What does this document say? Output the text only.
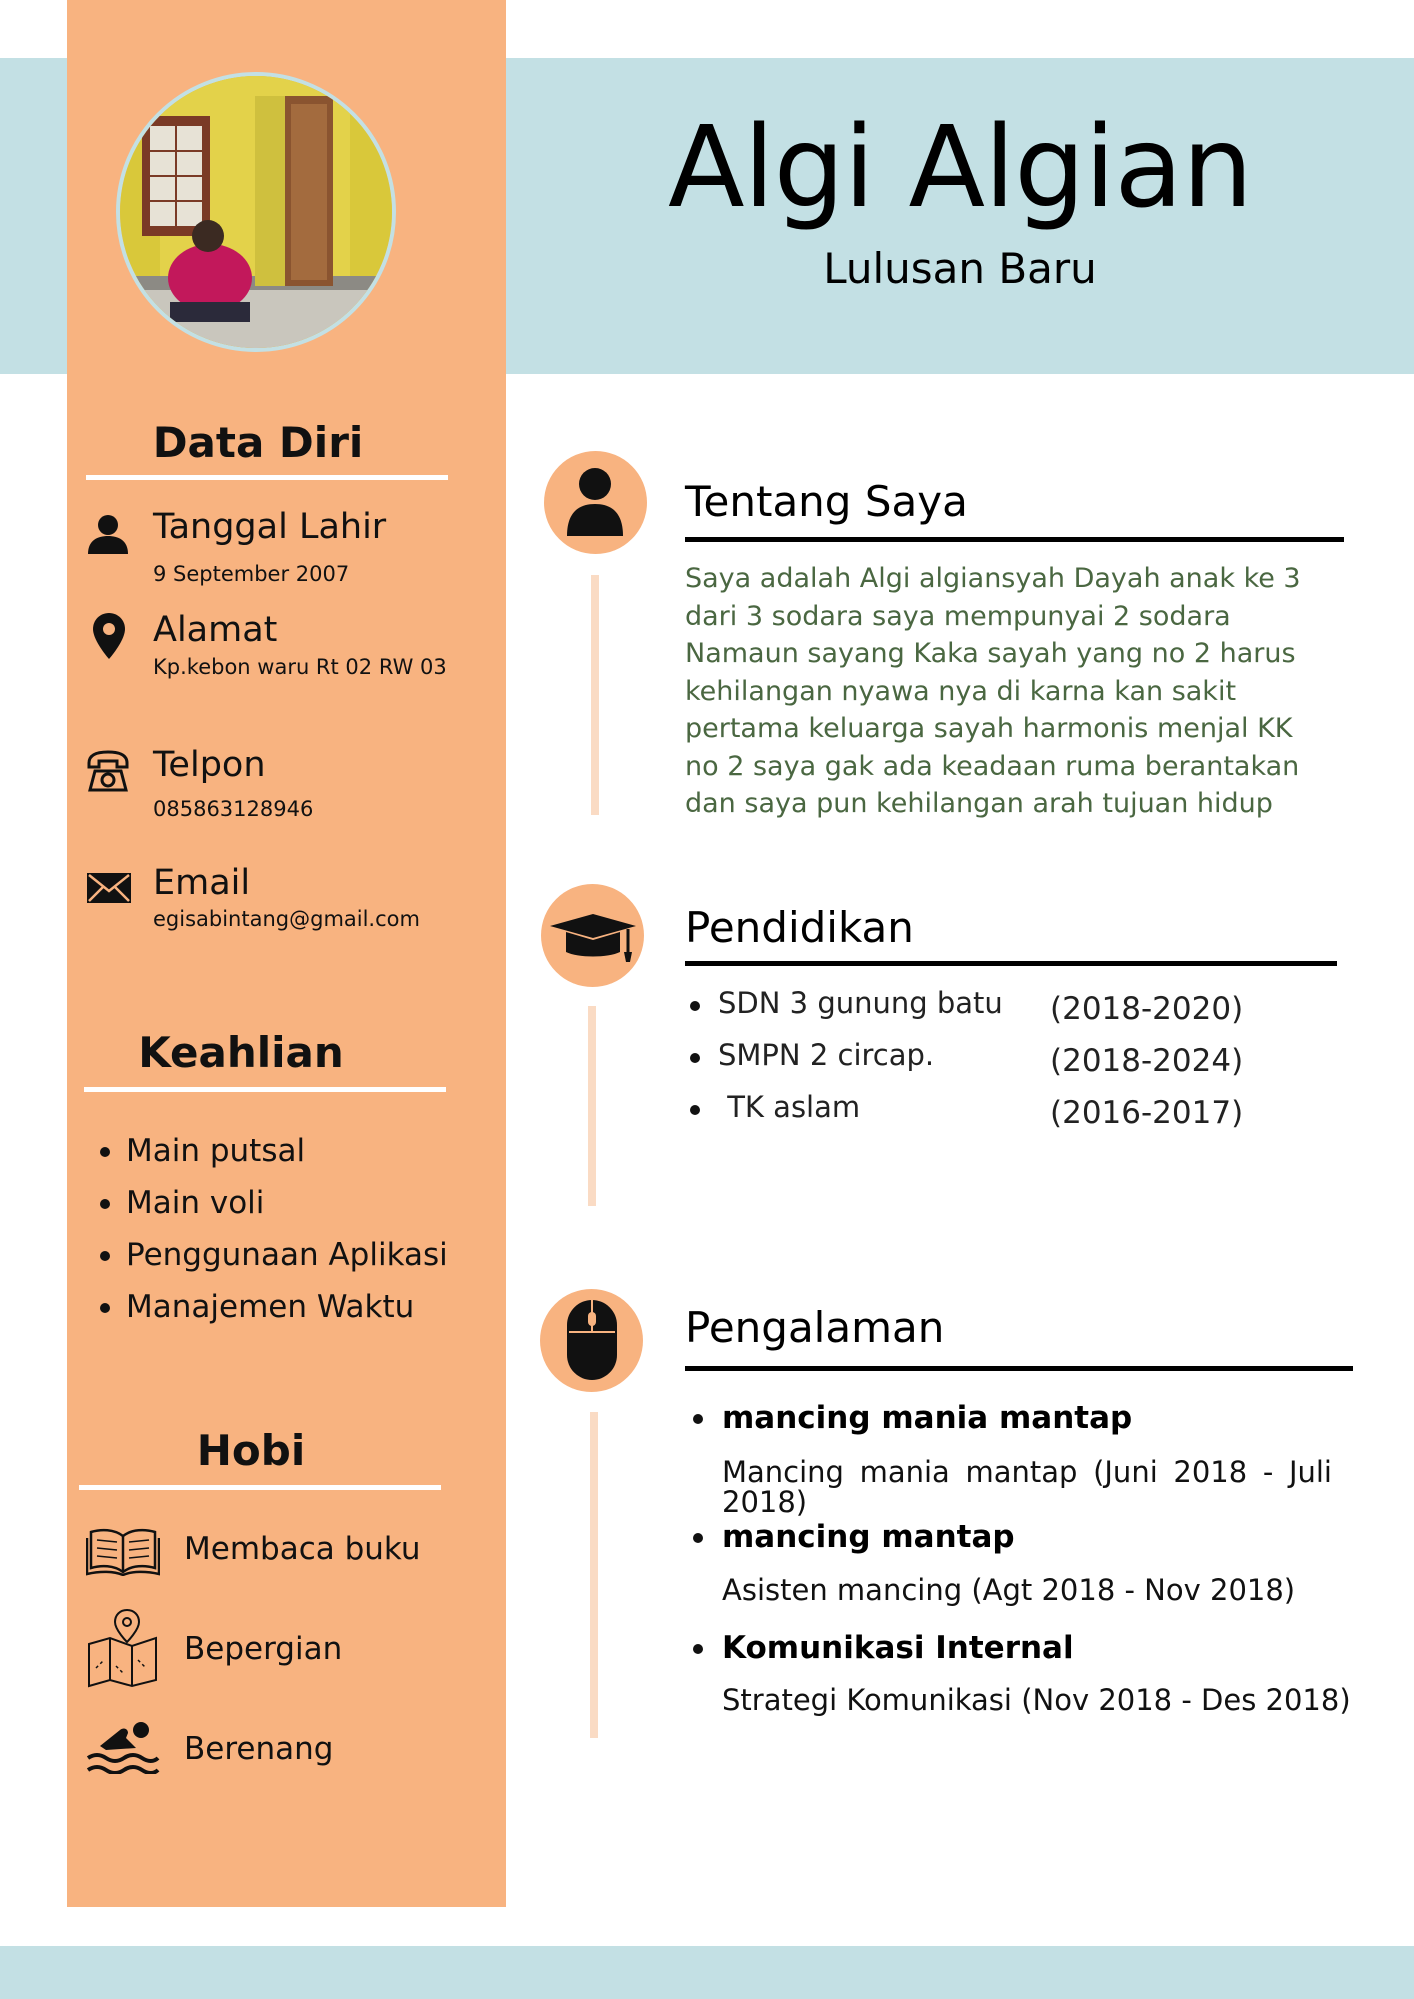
Algi Algian
Lulusan Baru
Data Diri
Tanggal Lahir
9 September 2007
Alamat
Kp.kebon waru Rt 02 RW 03
Telpon
085863128946
Email
egisabintang@gmail.com
Keahlian
Main putsal
Main voli
Penggunaan Aplikasi
Manajemen Waktu
Hobi
Membaca buku
Bepergian
Berenang
Tentang Saya
Saya adalah Algi algiansyah Dayah anak ke 3
dari 3 sodara saya mempunyai 2 sodara
Namaun sayang Kaka sayah yang no 2 harus
kehilangan nyawa nya di karna kan sakit
pertama keluarga sayah harmonis menjal KK
no 2 saya gak ada keadaan ruma berantakan
dan saya pun kehilangan arah tujuan hidup
Pendidikan
SDN 3 gunung batu (2018-2020)
SMPN 2 circap.	(2018-2024)
TK aslam	(2016-2017)
Pengalaman
mancing mania mantap
Mancing mania mantap (Juni 2018 - Juli 2018)
mancing mantap
Asisten mancing (Agt 2018 - Nov 2018)
Komunikasi Internal
Strategi Komunikasi (Nov 2018 - Des 2018)
